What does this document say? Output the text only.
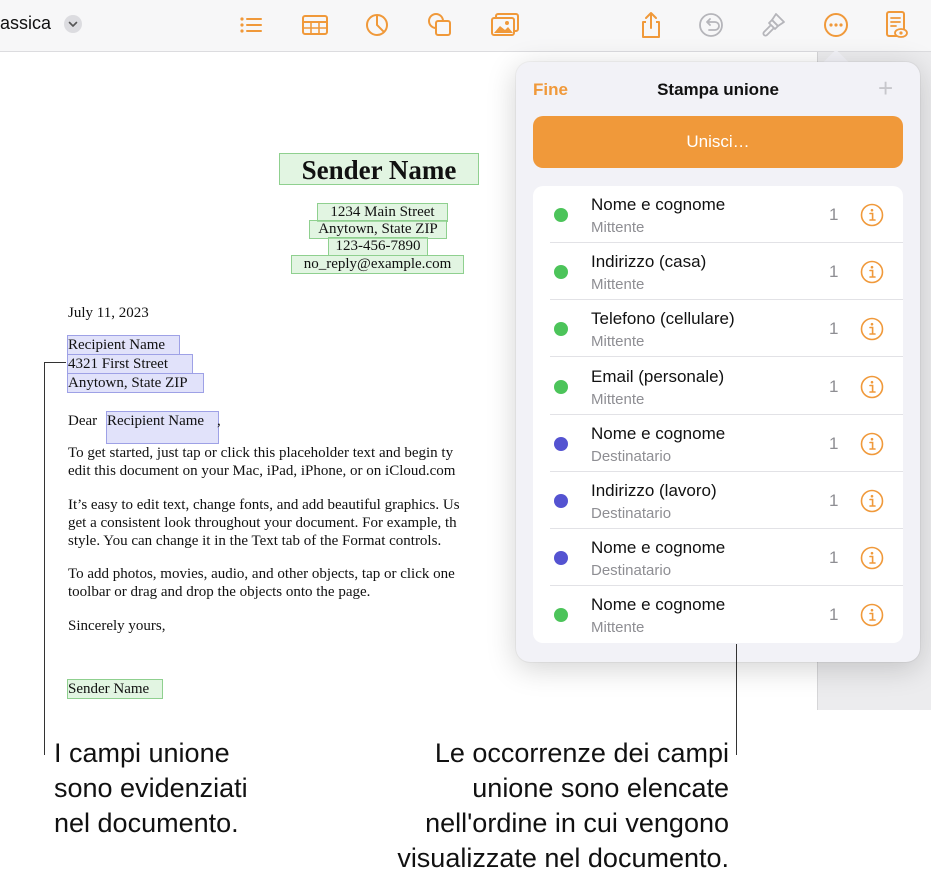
assica
Sender Name
1234 Main Street
Anytown, State ZIP
123-456-7890
no_reply@example.com
July 11, 2023
Recipient Name
4321 First Street
Anytown, State ZIP
Dear Recipient Name ,
To get started, just tap or click this placeholder text and begin ty
edit this document on your Mac, iPad, iPhone, or on iCloud.com
It’s easy to edit text, change fonts, and add beautiful graphics. Us
get a consistent look throughout your document. For example, th
style. You can change it in the Text tab of the Format controls.
To add photos, movies, audio, and other objects, tap or click one
toolbar or drag and drop the objects onto the page.
Sincerely yours,
Sender Name
Stampa unione
Fine	+
Unisci…
Nome e cognome
Mittente
1
Indirizzo (casa)
Mittente
1
Telefono (cellulare)
Mittente
1
Email (personale)
Mittente
1
Nome e cognome
Destinatario
1
Indirizzo (lavoro)
Destinatario
1
Nome e cognome
Destinatario
1
Nome e cognome
Mittente
1
I campi unione
sono evidenziati
nel documento.
Le occorrenze dei campi
unione sono elencate
nell'ordine in cui vengono
visualizzate nel documento.
